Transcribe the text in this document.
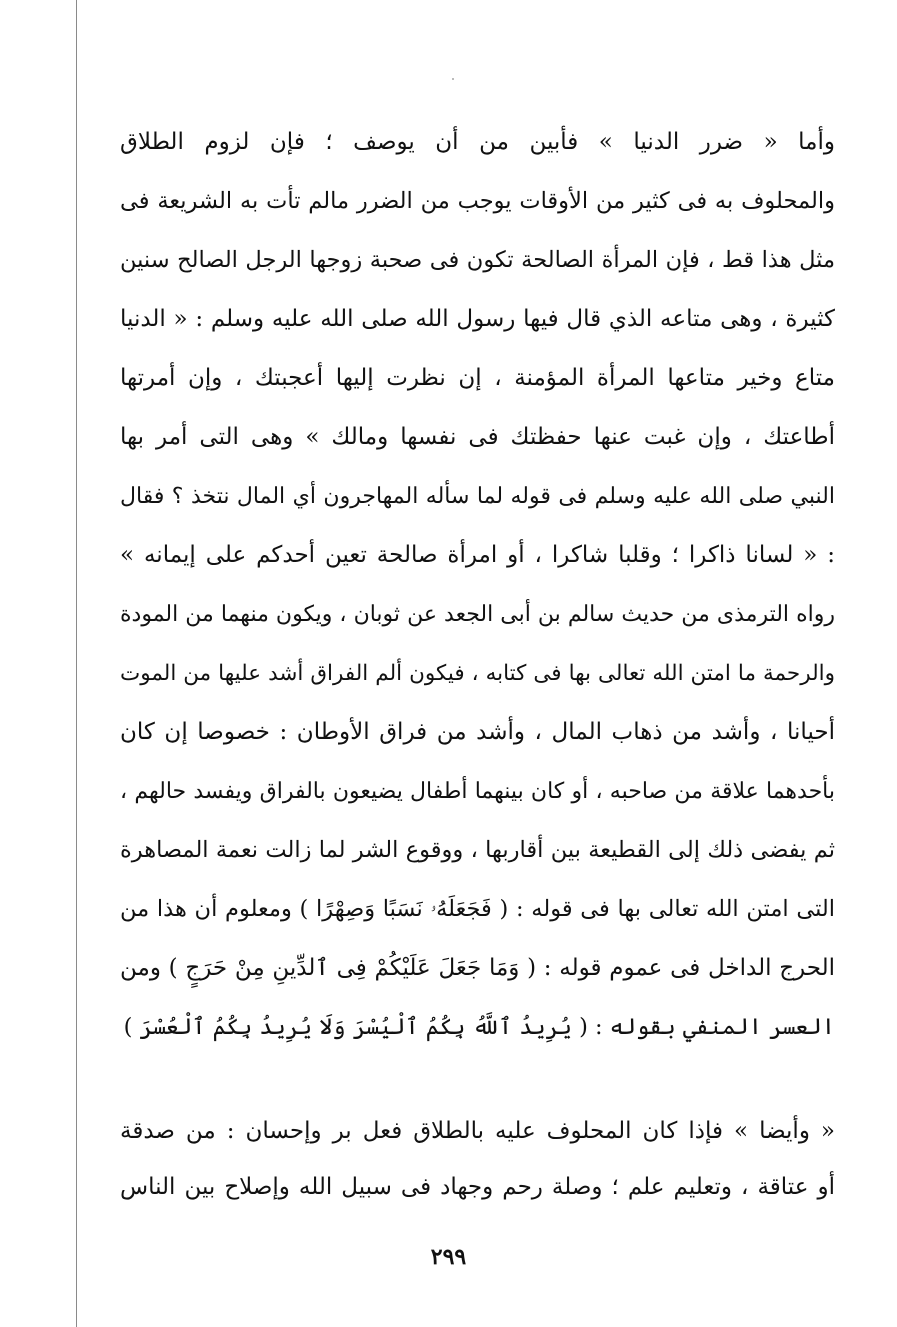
وأما « ضرر الدنيا » فأبين من أن يوصف ؛ فإن لزوم الطلاق
والمحلوف به فى كثير من الأوقات يوجب من الضرر مالم تأت به الشريعة فى
مثل هذا قط ، فإن المرأة الصالحة تكون فى صحبة زوجها الرجل الصالح سنين
كثيرة ، وهى متاعه الذي قال فيها رسول الله صلى الله عليه وسلم : « الدنيا
متاع وخير متاعها المرأة المؤمنة ، إن نظرت إليها أعجبتك ، وإن أمرتها
أطاعتك ، وإن غبت عنها حفظتك فى نفسها ومالك » وهى التى أمر بها
النبي صلى الله عليه وسلم فى قوله لما سأله المهاجرون أي المال نتخذ ؟ فقال
: « لسانا ذاكرا ؛ وقلبا شاكرا ، أو امرأة صالحة تعين أحدكم على إيمانه »
رواه الترمذى من حديث سالم بن أبى الجعد عن ثوبان ، ويكون منهما من المودة
والرحمة ما امتن الله تعالى بها فى كتابه ، فيكون ألم الفراق أشد عليها من الموت
أحيانا ، وأشد من ذهاب المال ، وأشد من فراق الأوطان : خصوصا إن كان
بأحدهما علاقة من صاحبه ، أو كان بينهما أطفال يضيعون بالفراق ويفسد حالهم ،
ثم يفضى ذلك إلى القطيعة بين أقاربها ، ووقوع الشر لما زالت نعمة المصاهرة
التى امتن الله تعالى بها فى قوله : ( فَجَعَلَهُۥ نَسَبًا وَصِهْرًا ) ومعلوم أن هذا من
الحرج الداخل فى عموم قوله : ( وَمَا جَعَلَ عَلَيْكُمْ فِى ٱلدِّينِ مِنْ حَرَجٍ ) ومن
العسر المنفي بقوله : ( يُرِيدُ ٱللَّهُ بِكُمُ ٱلْيُسْرَ وَلَا يُرِيدُ بِكُمُ ٱلْعُسْرَ )
« وأيضا » فإذا كان المحلوف عليه بالطلاق فعل بر وإحسان : من صدقة
أو عتاقة ، وتعليم علم ؛ وصلة رحم وجهاد فى سبيل الله وإصلاح بين الناس
٢٩٩
